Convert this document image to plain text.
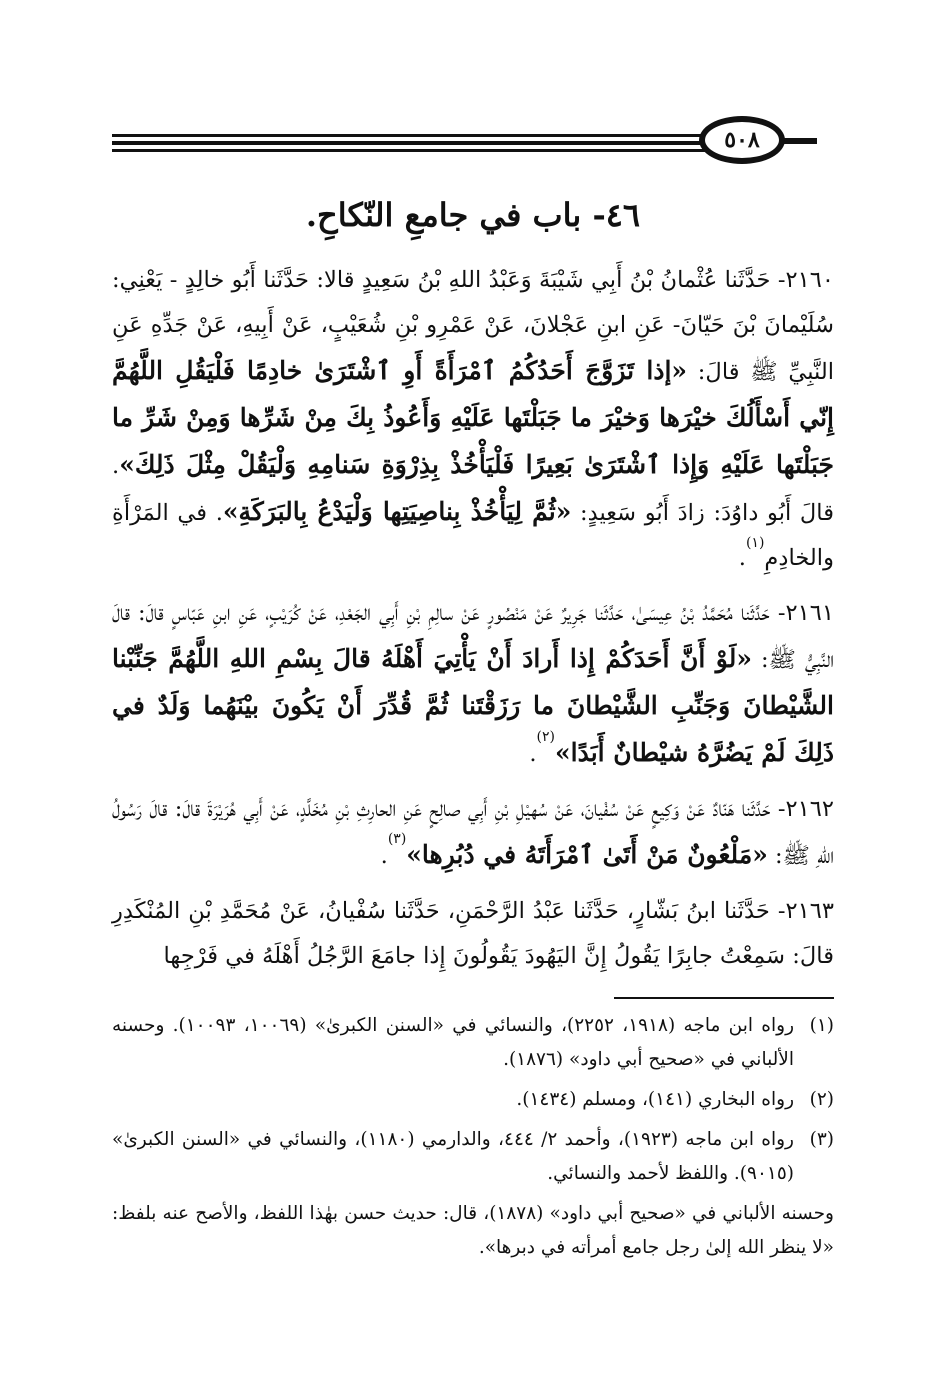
٥٠٨
٤٦- باب في جامعِ النّكاحِ.

٢١٦٠- حَدَّثَنا عُثْمانُ بْنُ أَبِي شَيْبَةَ وَعَبْدُ اللهِ بْنُ سَعِيدٍ قالا: حَدَّثَنا أَبُو خالِدٍ - يَعْنِي: سُلَيْمانَ بْنَ حَيّانَ- عَنِ ابنِ عَجْلانَ، عَنْ عَمْرِو بْنِ شُعَيْبٍ، عَنْ أَبِيهِ، عَنْ جَدِّهِ عَنِ النَّبِيِّ ﷺ قالَ: «إذا تَزَوَّجَ أَحَدُكُمُ ٱمْرَأَةً أَوِ ٱشْتَرَىٰ خادِمًا فَلْيَقُلِ اللَّهُمَّ إِنّي أَسْأَلُكَ خيْرَها وَخيْرَ ما جَبَلْتَها عَلَيْهِ وَأَعُوذُ بِكَ مِنْ شَرِّها وَمِنْ شَرِّ ما جَبَلْتَها عَلَيْهِ وَإِذا ٱشْتَرَىٰ بَعِيرًا فَلْيَأْخُذْ بِذِرْوَةِ سَنامِهِ وَلْيَقُلْ مِثْلَ ذَلِكَ». قالَ أَبُو داوُدَ: زادَ أَبُو سَعِيدٍ: «ثُمَّ لِيَأْخُذْ بِناصِيَتِها وَلْيَدْعُ بِالبَرَكَةِ». في المَرْأَةِ والخادِمِ$^{(١)}$.

٢١٦١- حَدَّثَنا مُحَمَّدُ بْنُ عِيسَىٰ، حَدَّثَنا جَرِيرٌ عَنْ مَنْصُورٍ عَنْ سالِمِ بْنِ أَبِي الجَعْدِ، عَنْ كُرَيْبٍ، عَنِ ابنِ عَبّاسٍ قالَ: قالَ النَّبِيُّ ﷺ: «لَوْ أَنَّ أَحَدَكُمْ إِذا أَرادَ أَنْ يَأْتِيَ أَهْلَهُ قالَ بِسْمِ اللهِ اللَّهُمَّ جَنِّبْنا الشَّيْطانَ وَجَنِّبِ الشَّيْطانَ ما رَزَقْتَنا ثُمَّ قُدِّرَ أَنْ يَكُونَ بيْنَهُما وَلَدٌ في ذَلِكَ لَمْ يَضُرَّهُ شيْطانٌ أَبَدًا»$^{(٢)}$.

٢١٦٢- حَدَّثَنا هَنّادٌ عَنْ وَكِيعٍ عَنْ سُفْيانَ، عَنْ سُهيْلِ بْنِ أَبِي صالِحٍ عَنِ الحارِثِ بْنِ مُخَلَّدٍ، عَنْ أَبِي هُرَيْرَةَ قالَ: قالَ رَسُولُ اللهِ ﷺ: «مَلْعُونٌ مَنْ أَتَىٰ ٱمْرَأَتَهُ في دُبُرِها»$^{(٣)}$.

٢١٦٣- حَدَّثَنا ابنُ بَشّارٍ، حَدَّثَنا عَبْدُ الرَّحْمَنِ، حَدَّثَنا سُفْيانُ، عَنْ مُحَمَّدِ بْنِ المُنْكَدِرِ قالَ: سَمِعْتُ جابِرًا يَقُولُ إِنَّ اليَهُودَ يَقُولُونَ إِذا جامَعَ الرَّجُلُ أَهْلَهُ في فَرْجِها

(١)
رواه ابن ماجه (١٩١٨، ٢٢٥٢)، والنسائي في «السنن الكبرىٰ» (١٠٠٦٩، ١٠٠٩٣). وحسنه الألباني في «صحيح أبي داود» (١٨٧٦).
(٢)
رواه البخاري (١٤١)، ومسلم (١٤٣٤).
(٣)
رواه ابن ماجه (١٩٢٣)، وأحمد ٢/ ٤٤٤، والدارمي (١١٨٠)، والنسائي في «السنن الكبرىٰ» (٩٠١٥). واللفظ لأحمد والنسائي.
وحسنه الألباني في «صحيح أبي داود» (١٨٧٨)، قال: حديث حسن بهٰذا اللفظ، والأصح عنه بلفظ: «لا ينظر الله إلىٰ رجل جامع أمرأته في دبرها».
